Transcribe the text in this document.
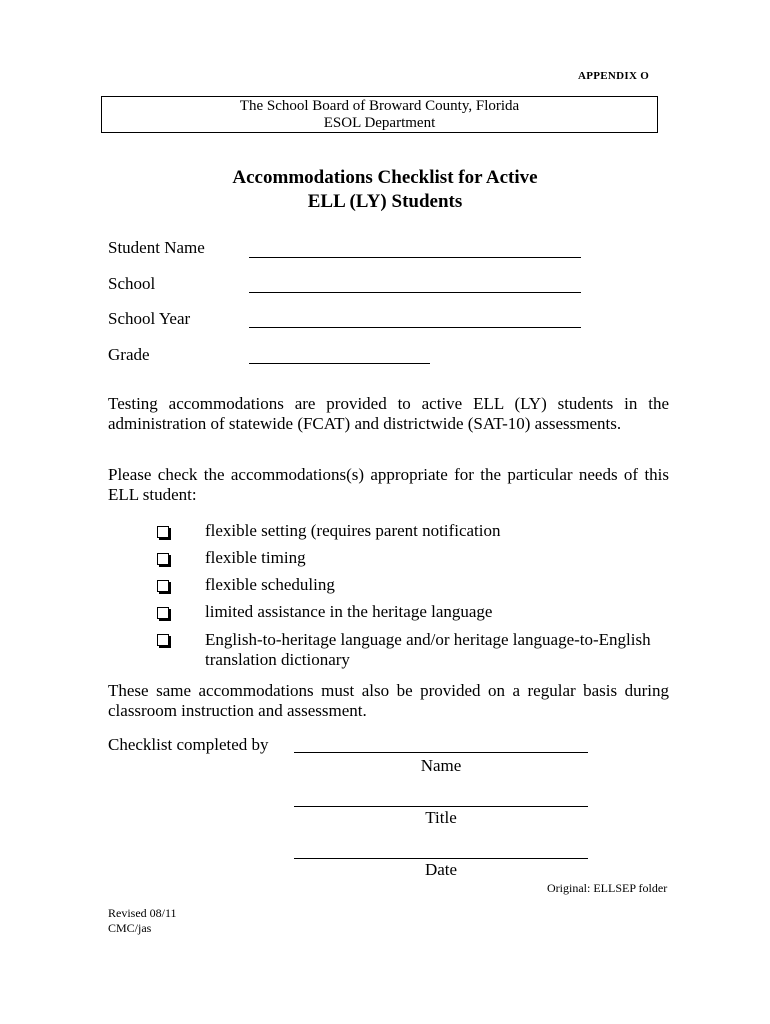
APPENDIX O
The School Board of Broward County, Florida
ESOL Department
Accommodations Checklist for Active
ELL (LY) Students
Student Name
School
School Year
Grade
Testing accommodations are provided to active ELL (LY) students in the administration of statewide (FCAT) and districtwide (SAT-10) assessments.
Please check the accommodations(s) appropriate for the particular needs of this ELL student:
flexible setting (requires parent notification
flexible timing
flexible scheduling
limited assistance in the heritage language
English-to-heritage language and/or heritage language-to-English translation dictionary
These same accommodations must also be provided on a regular basis during classroom instruction and assessment.
Checklist completed by
Name
Title
Date
Original: ELLSEP folder
Revised 08/11
CMC/jas
